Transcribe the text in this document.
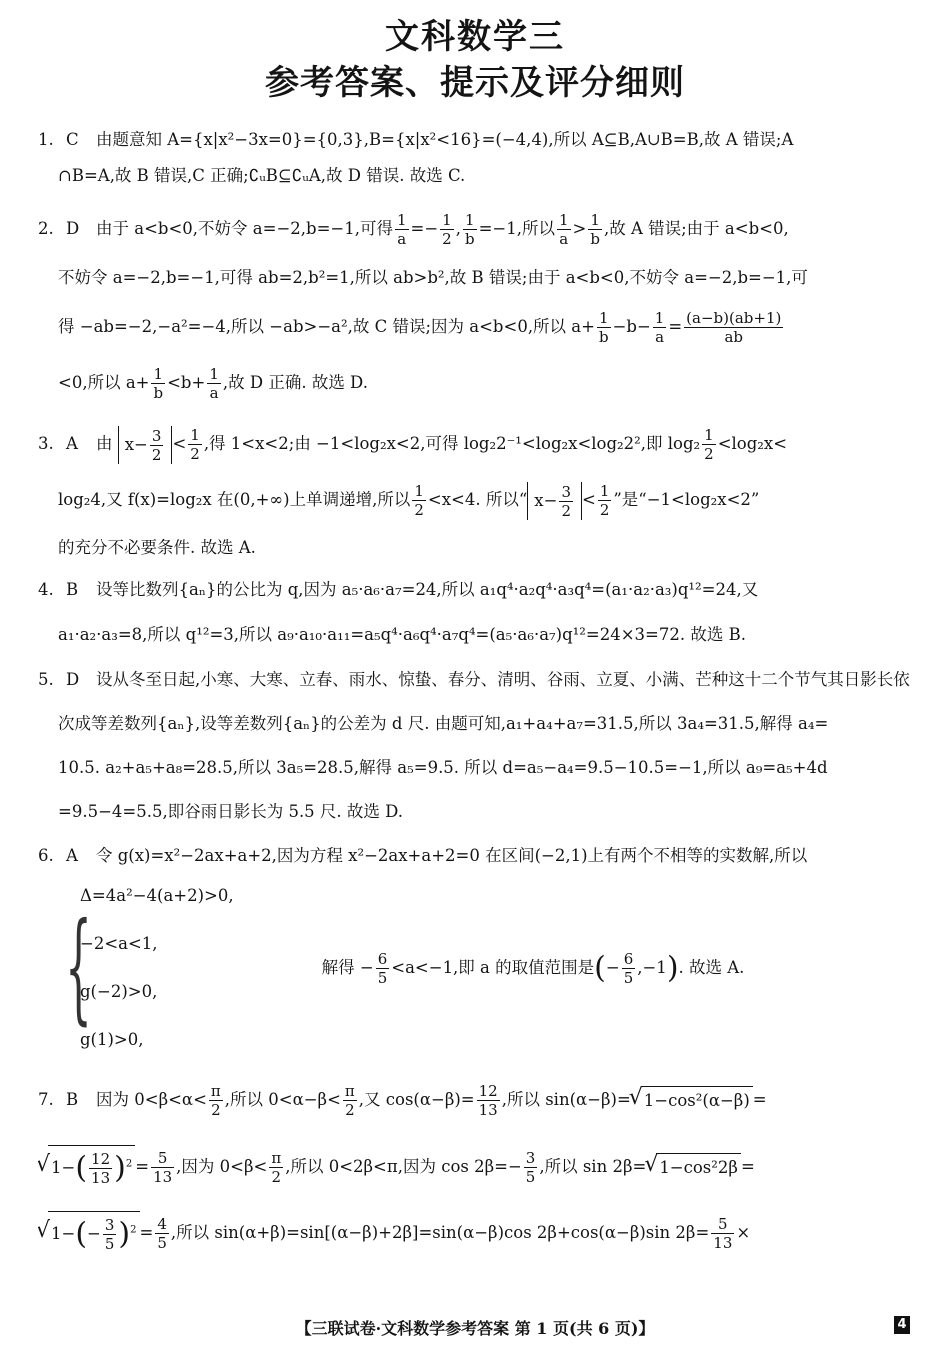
文科数学三
参考答案、提示及评分细则
1. C 由题意知 A={x|x²−3x=0}={0,3},B={x|x²<16}=(−4,4),所以 A⊆B,A∪B=B,故 A 错误;A
∩B=A,故 B 错误,C 正确;∁ᵤB⊆∁ᵤA,故 D 错误. 故选 C.
2. D 由于 a<b<0,不妨令 a=−2,b=−1,可得 $\frac{1}{a} =- \frac{1}{2}$ , $\frac{1}{b} =-1$,所以 $\frac{1}{a} > \frac{1}{b}$ ,故 A 错误;由于 a<b<0,
不妨令 a=−2,b=−1,可得 ab=2,b²=1,所以 ab>b²,故 B 错误;由于 a<b<0,不妨令 a=−2,b=−1,可
得 −ab=−2,−a²=−4,所以 −ab>−a²,故 C 错误;因为 a<b<0,所以 $a+ \frac{1}{b} -b- \frac{1}{a} = \frac{(a-b)(ab+1)}{ab}$
<0,所以 $a+ \frac{1}{b} <b+ \frac{1}{a}$ ,故 D 正确. 故选 D.
3. A 由 $x- \frac{3}{2} < \frac{1}{2}$ ,得 1<x<2;由 −1<log₂x<2,可得 log₂2⁻¹<log₂x<log₂2²,即 $\log_2 \frac{1}{2} <\log_2x<$
log₂4,又 f(x)=log₂x 在(0,+∞)上单调递增,所以 $\frac{1}{2} <x<4$. 所以“ $x- \frac{3}{2} < \frac{1}{2}$ ”是“−1<log₂x<2”
的充分不必要条件. 故选 A.
4. B 设等比数列{aₙ}的公比为 q,因为 a₅·a₆·a₇=24,所以 a₁q⁴·a₂q⁴·a₃q⁴=(a₁·a₂·a₃)q¹²=24,又
a₁·a₂·a₃=8,所以 q¹²=3,所以 a₉·a₁₀·a₁₁=a₅q⁴·a₆q⁴·a₇q⁴=(a₅·a₆·a₇)q¹²=24×3=72. 故选 B.
5. D 设从冬至日起,小寒、大寒、立春、雨水、惊蛰、春分、清明、谷雨、立夏、小满、芒种这十二个节气其日影长依
次成等差数列{aₙ},设等差数列{aₙ}的公差为 d 尺. 由题可知,a₁+a₄+a₇=31.5,所以 3a₄=31.5,解得 a₄=
10.5. a₂+a₅+a₈=28.5,所以 3a₅=28.5,解得 a₅=9.5. 所以 d=a₅−a₄=9.5−10.5=−1,所以 a₉=a₅+4d
=9.5−4=5.5,即谷雨日影长为 5.5 尺. 故选 D.
6. A 令 g(x)=x²−2ax+a+2,因为方程 x²−2ax+a+2=0 在区间(−2,1)上有两个不相等的实数解,所以
{
Δ=4a²−4(a+2)>0,
−2<a<1,
g(−2)>0,
g(1)>0,
解得 − $\frac{6}{5} <a<-1$,即 a 的取值范围是(− $\frac{6}{5} ,-1$). 故选 A.
7. B 因为 $0<\beta<\alpha< \frac{\pi}{2}$ ,所以 $0<\alpha-\beta< \frac{\pi}{2}$ ,又 $\cos(\alpha-\beta)= \frac{12}{13}$ ,所以 sin(α−β)= √ 1−cos²(α−β) =
√ $1-( \frac{12}{13} )^2 = \frac{5}{13}$ ,因为 $0<\beta< \frac{\pi}{2}$ ,所以 0<2β<π,因为 $\cos 2\beta=- \frac{3}{5}$ ,所以 sin 2β= √ 1−cos²2β =
√ $1-(- \frac{3}{5} )^2 = \frac{4}{5}$ ,所以 sin(α+β)=sin[(α−β)+2β]=sin(α−β)cos 2β+cos(α−β)sin $2\beta= \frac{5}{13}$ ×
【三联试卷·文科数学参考答案 第 1 页(共 6 页)】	4
